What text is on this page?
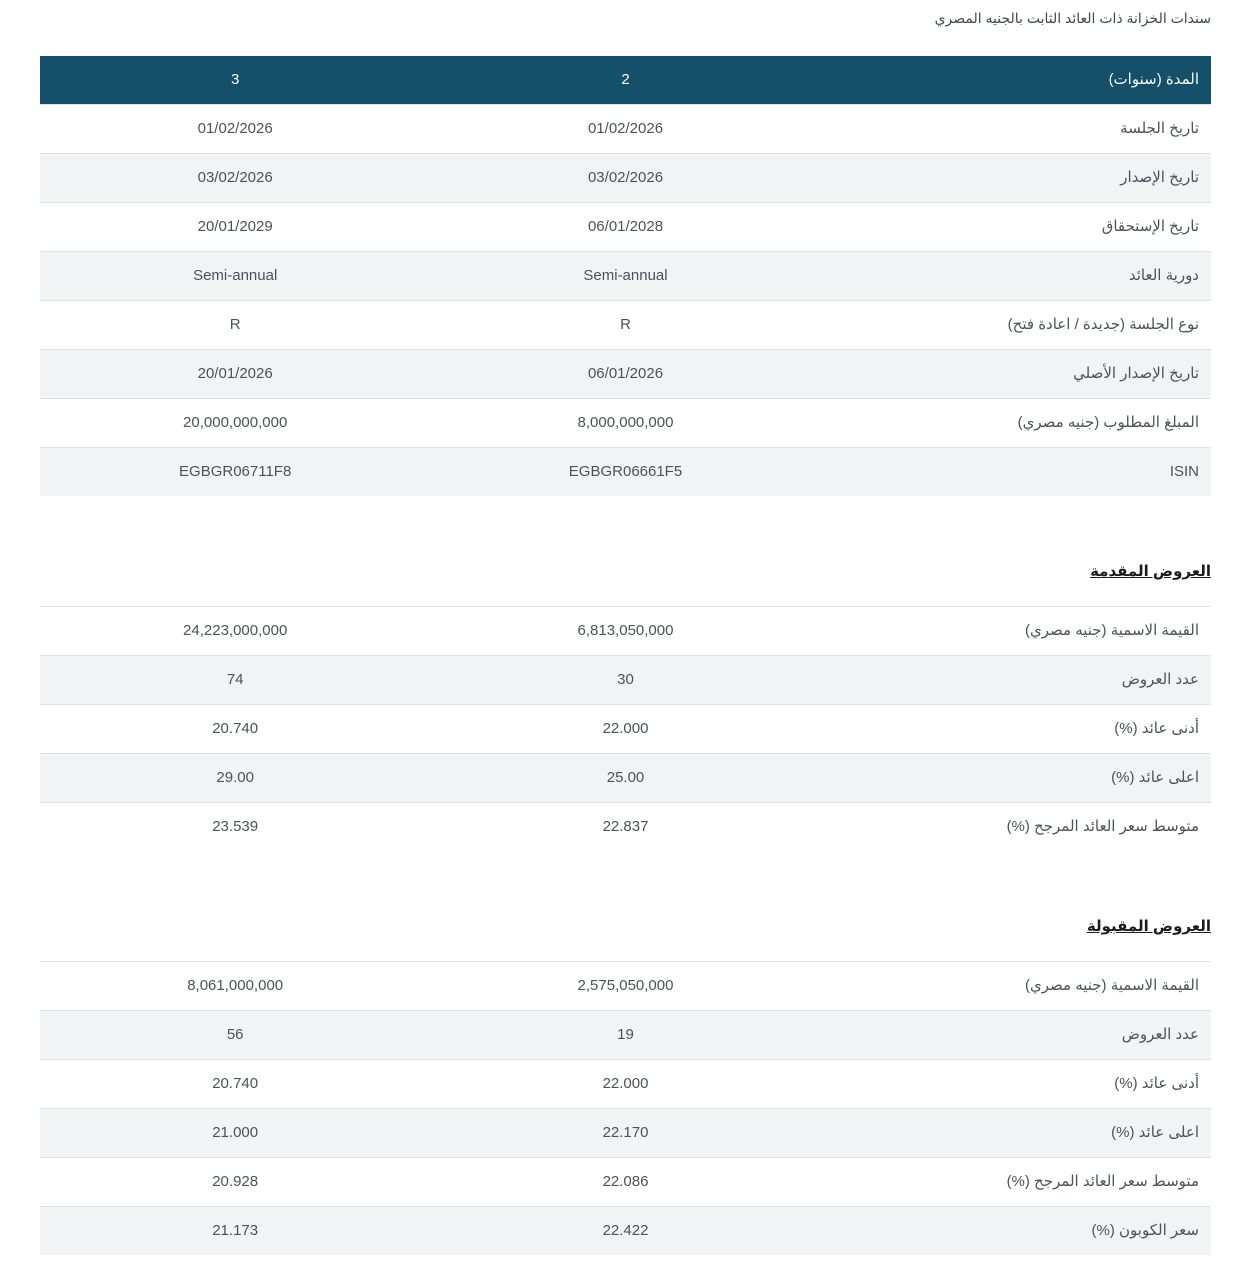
سندات الخزانة ذات العائد الثابت بالجنيه المصري
المدة (سنوات)	2	3
تاريخ الجلسة	01/02/2026	01/02/2026
تاريخ الإصدار	03/02/2026	03/02/2026
تاريخ الإستحقاق	06/01/2028	20/01/2029
دورية العائد	Semi-annual	Semi-annual
نوع الجلسة (جديدة / اعادة فتح)	R	R
تاريخ الإصدار الأصلي	06/01/2026	20/01/2026
المبلغ المطلوب (جنيه مصري)	8,000,000,000	20,000,000,000
ISIN	EGBGR06661F5	EGBGR06711F8
العروض المقدمة
القيمة الاسمية (جنيه مصري)	6,813,050,000	24,223,000,000
عدد العروض	30	74
أدنى عائد (%)	22.000	20.740
اعلى عائد (%)	25.00	29.00
متوسط سعر العائد المرجح (%)	22.837	23.539
العروض المقبولة
القيمة الاسمية (جنيه مصري)	2,575,050,000	8,061,000,000
عدد العروض	19	56
أدنى عائد (%)	22.000	20.740
اعلى عائد (%)	22.170	21.000
متوسط سعر العائد المرجح (%)	22.086	20.928
سعر الكوبون (%)	22.422	21.173
